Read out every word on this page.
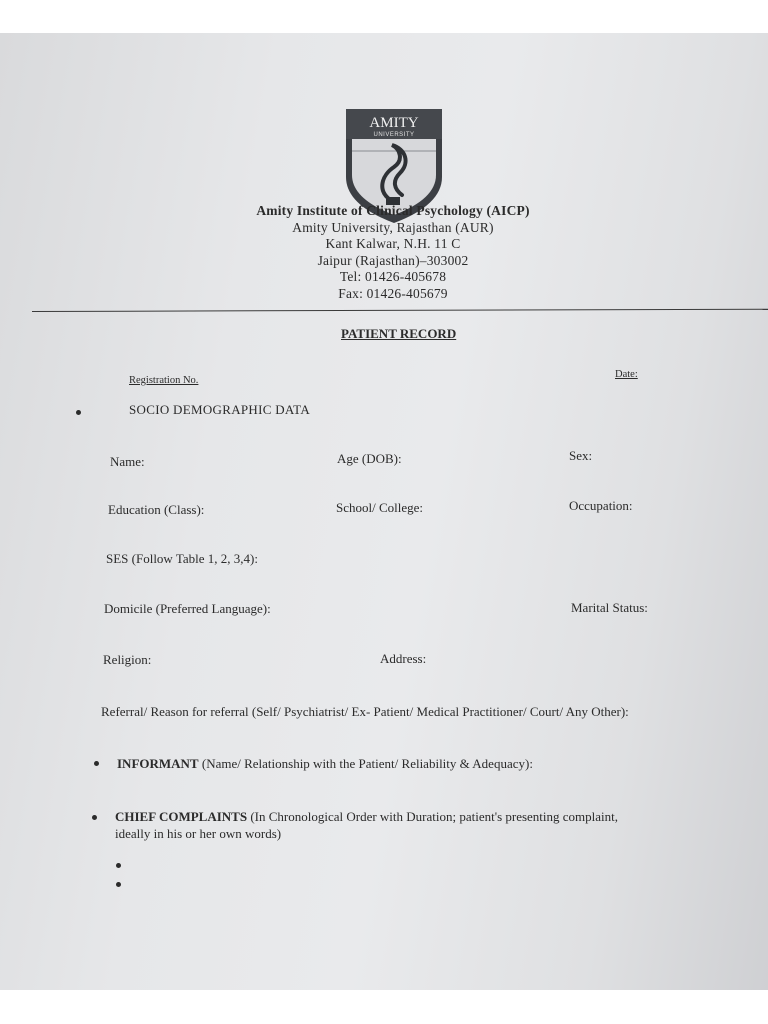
AMITY
UNIVERSITY
Amity Institute of Clinical Psychology (AICP)
Amity University, Rajasthan (AUR)
Kant Kalwar, N.H. 11 C
Jaipur (Rajasthan)–303002
Tel: 01426-405678
Fax: 01426-405679
PATIENT RECORD
Registration No.
Date:
SOCIO DEMOGRAPHIC DATA
Name:	Age (DOB):	Sex:
Education (Class):	School/ College:	Occupation:
SES (Follow Table 1, 2, 3,4):
Domicile (Preferred Language):	Marital Status:
Religion:	Address:
Referral/ Reason for referral (Self/ Psychiatrist/ Ex- Patient/ Medical Practitioner/ Court/ Any Other):
INFORMANT (Name/ Relationship with the Patient/ Reliability & Adequacy):
CHIEF COMPLAINTS (In Chronological Order with Duration; patient's presenting complaint,
ideally in his or her own words)
